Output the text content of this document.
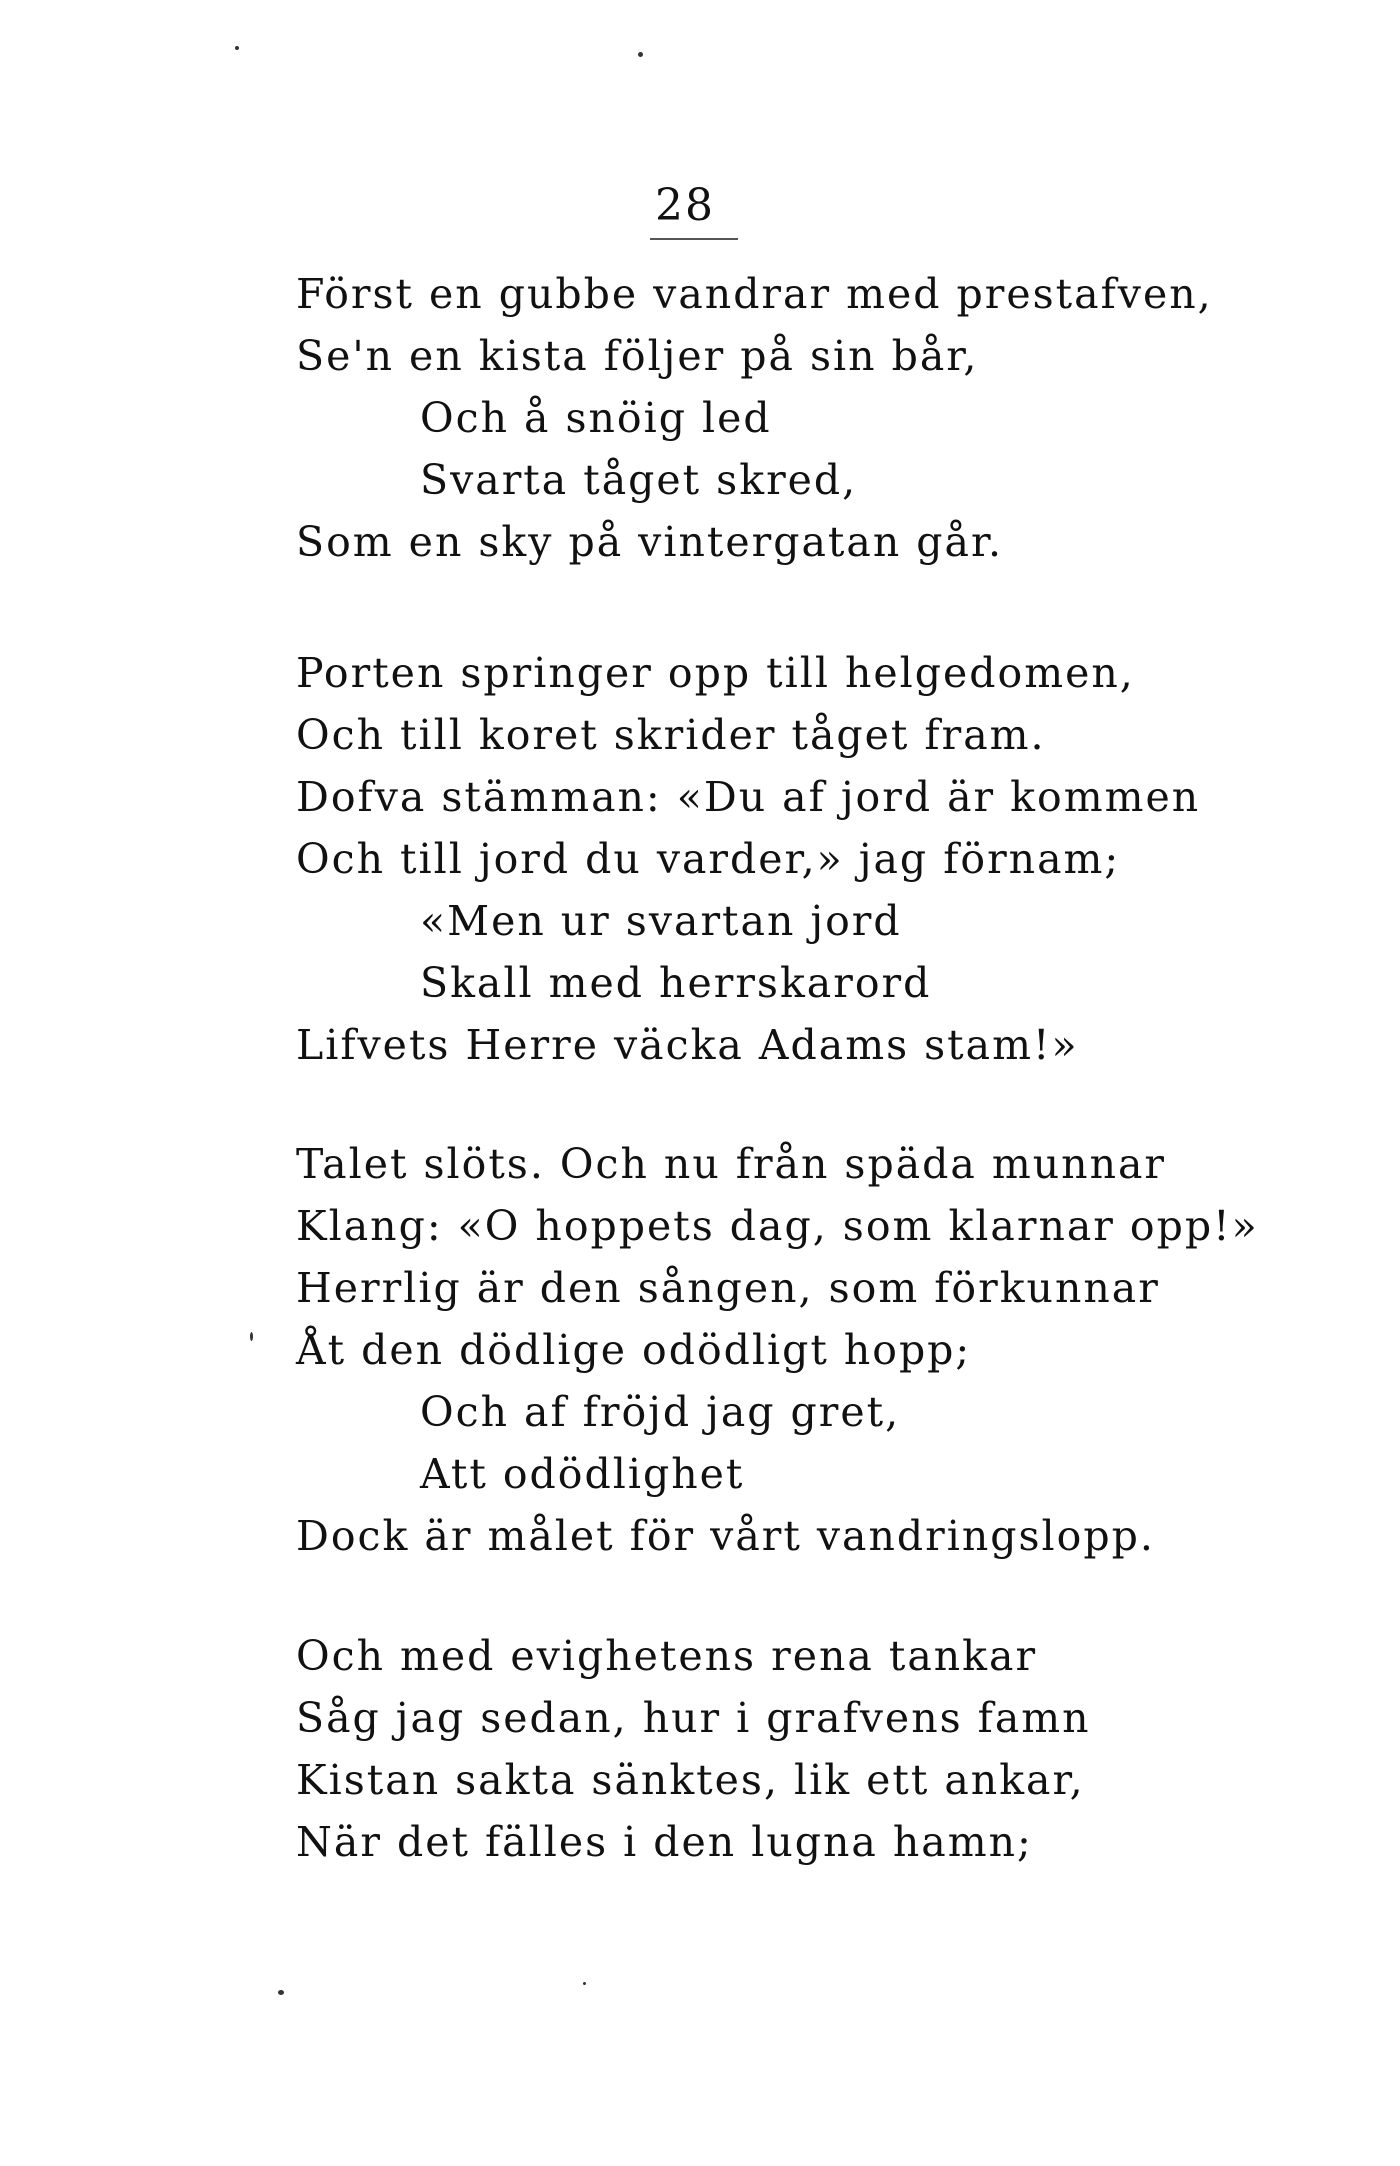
28
Först en gubbe vandrar med prestafven,
Se'n en kista följer på sin bår,
Och å snöig led
Svarta tåget skred,
Som en sky på vintergatan går.
Porten springer opp till helgedomen,
Och till koret skrider tåget fram.
Dofva stämman: «Du af jord är kommen
Och till jord du varder,» jag förnam;
«Men ur svartan jord
Skall med herrskarord
Lifvets Herre väcka Adams stam!»
Talet slöts. Och nu från späda munnar
Klang: «O hoppets dag, som klarnar opp!»
Herrlig är den sången, som förkunnar
Åt den dödlige odödligt hopp;
Och af fröjd jag gret,
Att odödlighet
Dock är målet för vårt vandringslopp.
Och med evighetens rena tankar
Såg jag sedan, hur i grafvens famn
Kistan sakta sänktes, lik ett ankar,
När det fälles i den lugna hamn;
